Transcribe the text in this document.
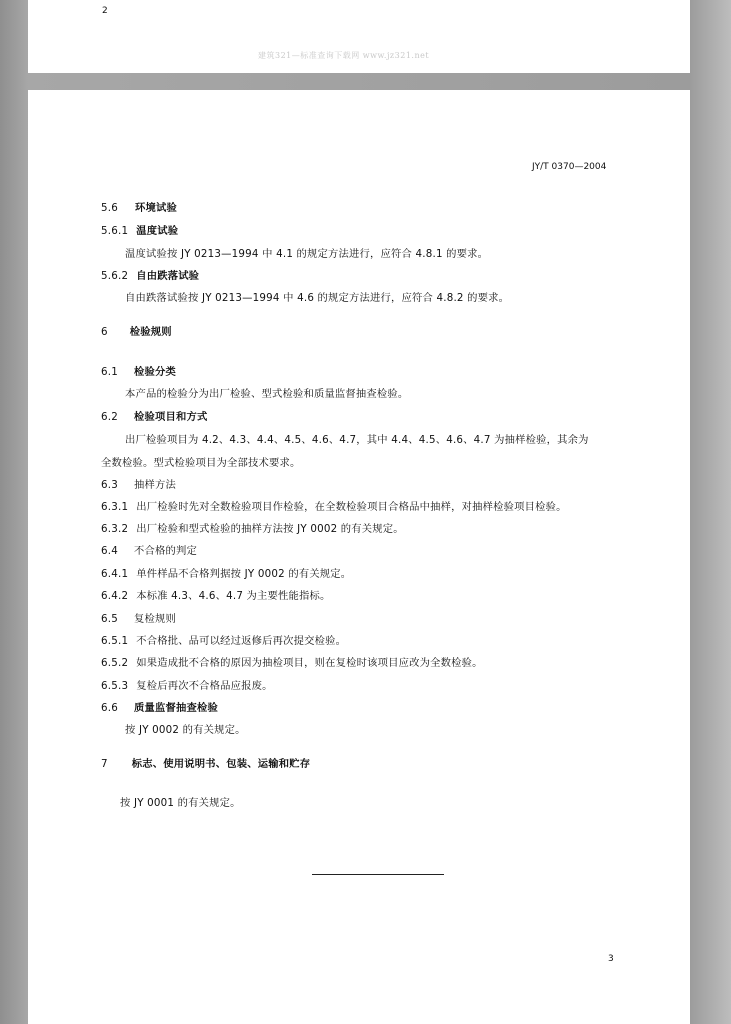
2
建筑321—标准查询下载网 www.jz321.net
JY/T 0370—2004
5.6 环境试验
5.6.1 温度试验
温度试验按 JY 0213—1994 中 4.1 的规定方法进行，应符合 4.8.1 的要求。
5.6.2 自由跌落试验
自由跌落试验按 JY 0213—1994 中 4.6 的规定方法进行，应符合 4.8.2 的要求。
6 检验规则
6.1 检验分类
本产品的检验分为出厂检验、型式检验和质量监督抽查检验。
6.2 检验项目和方式
出厂检验项目为 4.2、4.3、4.4、4.5、4.6、4.7，其中 4.4、4.5、4.6、4.7 为抽样检验，其余为
全数检验。型式检验项目为全部技术要求。
6.3 抽样方法
6.3.1 出厂检验时先对全数检验项目作检验，在全数检验项目合格品中抽样，对抽样检验项目检验。
6.3.2 出厂检验和型式检验的抽样方法按 JY 0002 的有关规定。
6.4 不合格的判定
6.4.1 单件样品不合格判据按 JY 0002 的有关规定。
6.4.2 本标准 4.3、4.6、4.7 为主要性能指标。
6.5 复检规则
6.5.1 不合格批、品可以经过返修后再次提交检验。
6.5.2 如果造成批不合格的原因为抽检项目，则在复检时该项目应改为全数检验。
6.5.3 复检后再次不合格品应报废。
6.6 质量监督抽查检验
按 JY 0002 的有关规定。
7 标志、使用说明书、包装、运输和贮存
按 JY 0001 的有关规定。
3
